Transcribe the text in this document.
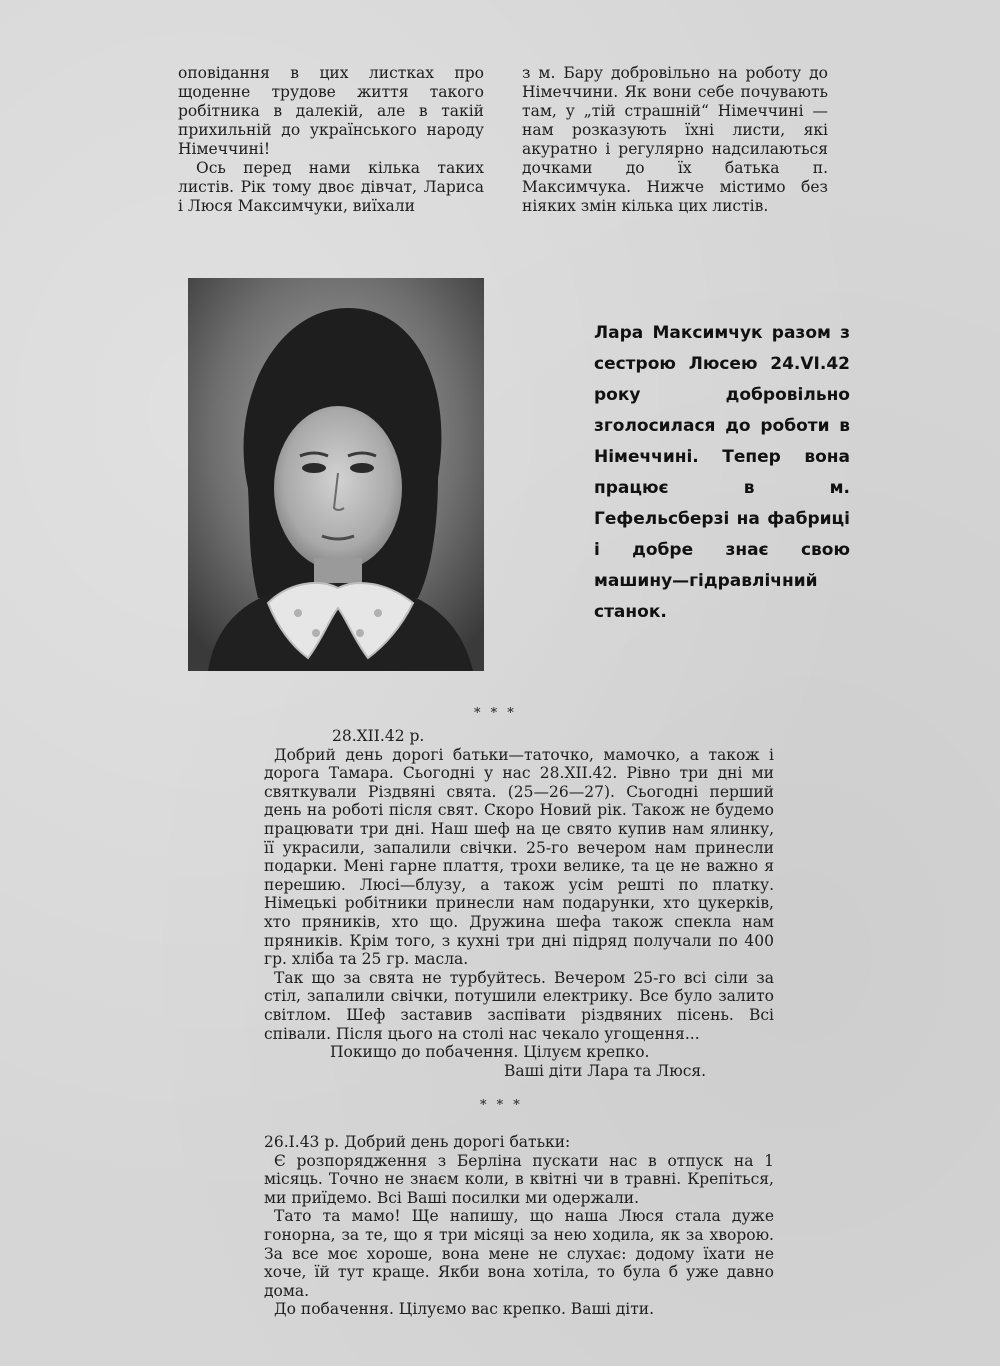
оповідання в цих листках про щоденне трудове життя такого робітника в далекій, але в такій прихильній до українського народу Німеччині!

Ось перед нами кілька таких листів. Рік тому двоє дівчат, Лариса і Люся Максимчуки, виїхали

з м. Бару добровільно на роботу до Німеччини. Як вони себе почувають там, у „тій страшній“ Німеччині — нам розказують їхні листи, які акуратно і регулярно надсилаються дочками до їх батька п. Максимчука. Нижче містимо без ніяких змін кілька цих листів.

Лара Максимчук разом з сестрою Люсею 24.VI.42 року добровільно зголосилася до роботи в Німеччині. Тепер вона працює в м. Гефельсберзі на фабриці і добре знає свою машину—гідравлічний станок.

* * *

28.ХІІ.42 р.

Добрий день дорогі батьки—таточко, мамочко, а також і дорога Тамара. Сьогодні у нас 28.ХІІ.42. Рівно три дні ми святкували Різдвяні свята. (25—26—27). Сьогодні перший день на роботі після свят. Скоро Новий рік. Також не будемо працювати три дні. Наш шеф на це свято купив нам ялинку, її украсили, запалили свічки. 25-го вечером нам принесли подарки. Мені гарне плаття, трохи велике, та це не важно я перешию. Люсі—блузу, а також усім решті по платку. Німецькі робітники принесли нам подарунки, хто цукерків, хто пряників, хто що. Дружина шефа також спекла нам пряників. Крім того, з кухні три дні підряд получали по 400 гр. хліба та 25 гр. масла.

Так що за свята не турбуйтесь. Вечером 25-го всі сіли за стіл, запалили свічки, потушили електрику. Все було залито світлом. Шеф заставив заспівати різдвяних пісень. Всі співали. Після цього на столі нас чекало угощення...

Покищо до побачення. Цілуєм крепко.

Ваші діти Лара та Люся.

* * *

26.І.43 р. Добрий день дорогі батьки:

Є розпорядження з Берліна пускати нас в отпуск на 1 місяць. Точно не знаєм коли, в квітні чи в травні. Крепіться, ми приїдемо. Всі Ваші посилки ми одержали.

Тато та мамо! Ще напишу, що наша Люся стала дуже гонорна, за те, що я три місяці за нею ходила, як за хворою. За все моє хороше, вона мене не слухає: додому їхати не хоче, їй тут краще. Якби вона хотіла, то була б уже давно дома.

До побачення. Цілуємо вас крепко. Ваші діти.
